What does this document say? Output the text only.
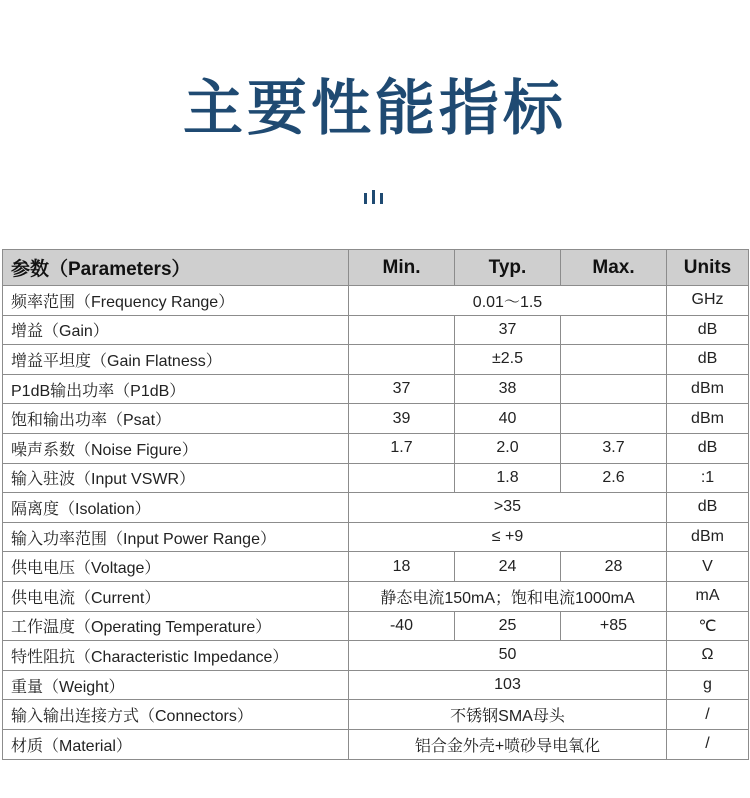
主要性能指标
参数（Parameters）	Min.	Typ.	Max.	Units
频率范围（Frequency Range）	0.01～1.5			GHz
增益（Gain）		37		dB
增益平坦度（Gain Flatness）		±2.5		dB
P1dB输出功率（P1dB）	37	38		dBm
饱和输出功率（Psat）	39	40		dBm
噪声系数（Noise Figure）	1.7	2.0	3.7	dB
输入驻波（Input VSWR）		1.8	2.6	:1
隔离度（Isolation）	>35			dB
输入功率范围（Input Power Range）	≤ +9			dBm
供电电压（Voltage）	18	24	28	V
供电电流（Current）	静态电流150mA；饱和电流1000mA			mA
工作温度（Operating Temperature）	-40	25	+85	℃
特性阻抗（Characteristic Impedance）	50			Ω
重量（Weight）	103			g
输入输出连接方式（Connectors）	不锈钢SMA母头			/
材质（Material）	铝合金外壳+喷砂导电氧化			/
